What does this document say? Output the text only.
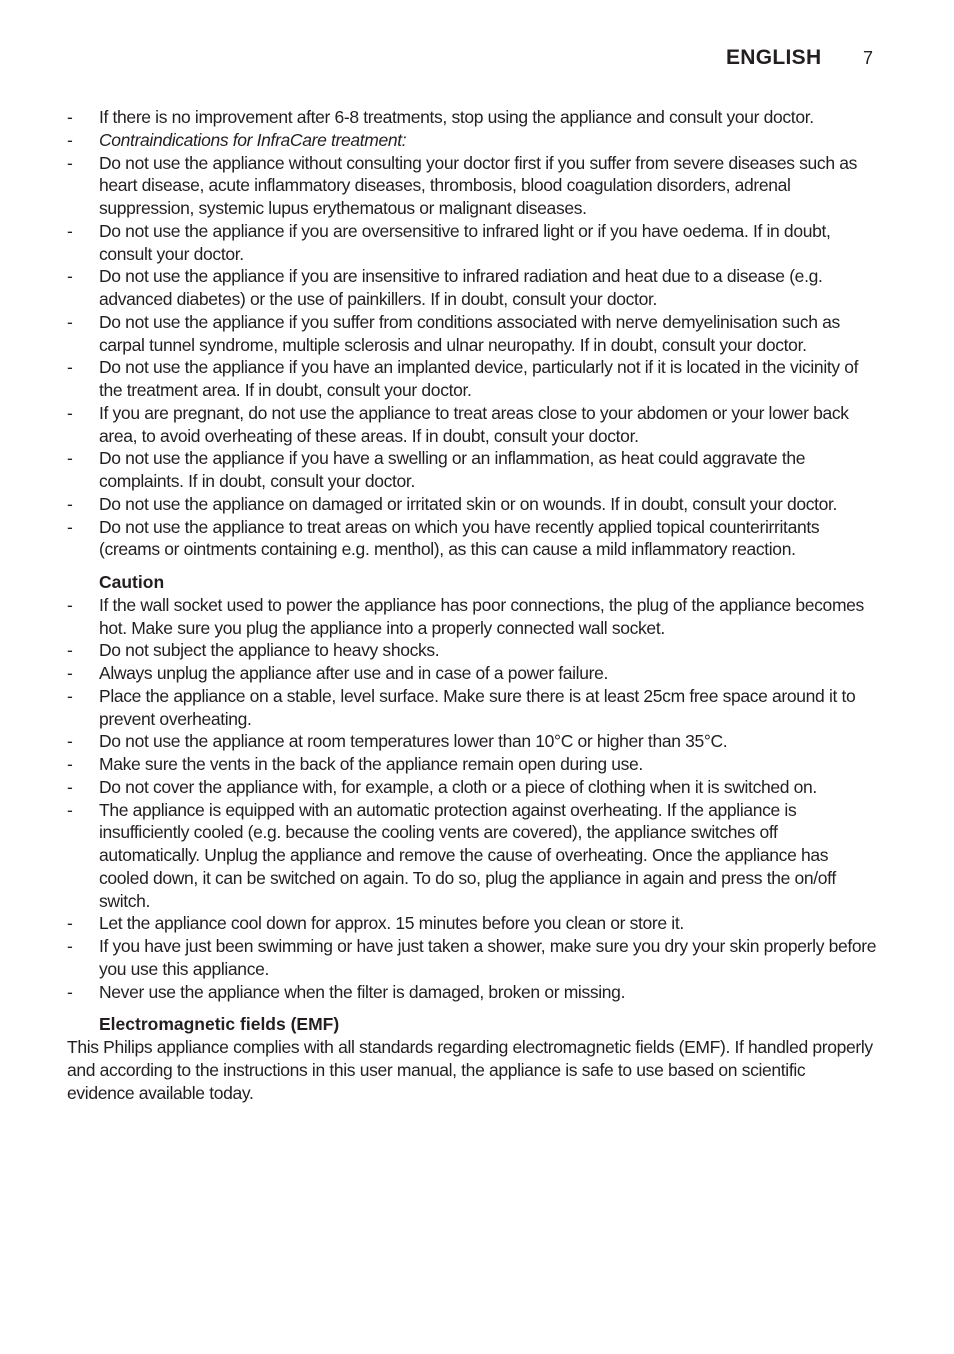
ENGLISH 7
- If there is no improvement after 6-8 treatments, stop using the appliance and consult your doctor.
- Contraindications for InfraCare treatment:
- Do not use the appliance without consulting your doctor first if you suffer from severe diseases such as heart disease, acute inflammatory diseases, thrombosis, blood coagulation disorders, adrenal suppression, systemic lupus erythematous or malignant diseases.
- Do not use the appliance if you are oversensitive to infrared light or if you have oedema. If in doubt, consult your doctor.
- Do not use the appliance if you are insensitive to infrared radiation and heat due to a disease (e.g. advanced diabetes) or the use of painkillers. If in doubt, consult your doctor.
- Do not use the appliance if you suffer from conditions associated with nerve demyelinisation such as carpal tunnel syndrome, multiple sclerosis and ulnar neuropathy. If in doubt, consult your doctor.
- Do not use the appliance if you have an implanted device, particularly not if it is located in the vicinity of the treatment area. If in doubt, consult your doctor.
- If you are pregnant, do not use the appliance to treat areas close to your abdomen or your lower back area, to avoid overheating of these areas. If in doubt, consult your doctor.
- Do not use the appliance if you have a swelling or an inflammation, as heat could aggravate the complaints. If in doubt, consult your doctor.
- Do not use the appliance on damaged or irritated skin or on wounds. If in doubt, consult your doctor.
- Do not use the appliance to treat areas on which you have recently applied topical counterirritants (creams or ointments containing e.g. menthol), as this can cause a mild inflammatory reaction.
Caution
- If the wall socket used to power the appliance has poor connections, the plug of the appliance becomes hot. Make sure you plug the appliance into a properly connected wall socket.
- Do not subject the appliance to heavy shocks.
- Always unplug the appliance after use and in case of a power failure.
- Place the appliance on a stable, level surface. Make sure there is at least 25cm free space around it to prevent overheating.
- Do not use the appliance at room temperatures lower than 10°C or higher than 35°C.
- Make sure the vents in the back of the appliance remain open during use.
- Do not cover the appliance with, for example, a cloth or a piece of clothing when it is switched on.
- The appliance is equipped with an automatic protection against overheating. If the appliance is insufficiently cooled (e.g. because the cooling vents are covered), the appliance switches off automatically. Unplug the appliance and remove the cause of overheating. Once the appliance has cooled down, it can be switched on again. To do so, plug the appliance in again and press the on/off switch.
- Let the appliance cool down for approx. 15 minutes before you clean or store it.
- If you have just been swimming or have just taken a shower, make sure you dry your skin properly before you use this appliance.
- Never use the appliance when the filter is damaged, broken or missing.
Electromagnetic fields (EMF)

This Philips appliance complies with all standards regarding electromagnetic fields (EMF). If handled properly and according to the instructions in this user manual, the appliance is safe to use based on scientific evidence available today.
